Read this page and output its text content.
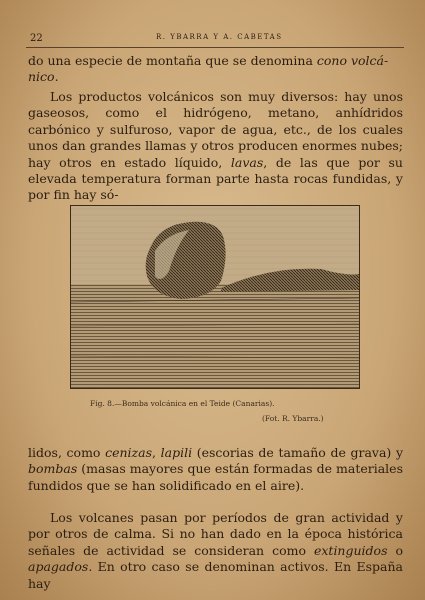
22	R. YBARRA Y A. CABETAS

do una especie de montaña que se denomina cono volcá-
nico.

Los productos volcánicos son muy diversos: hay unos gaseosos, como el hidrógeno, metano, anhídridos carbónico y sulfuroso, vapor de agua, etc., de los cuales unos dan grandes llamas y otros producen enormes nubes; hay otros en estado líquido, lavas, de las que por su elevada temperatura forman parte hasta rocas fundidas, y por fin hay só-

Fig. 8.—Bomba volcánica en el Teide (Canarias).
(Fot. R. Ybarra.)

lidos, como cenizas, lapili (escorias de tamaño de grava) y bombas (masas mayores que están formadas de materiales fundidos que se han solidificado en el aire).

Los volcanes pasan por períodos de gran actividad y por otros de calma. Si no han dado en la época histórica señales de actividad se consideran como extinguidos o apagados. En otro caso se denominan activos. En España hay
